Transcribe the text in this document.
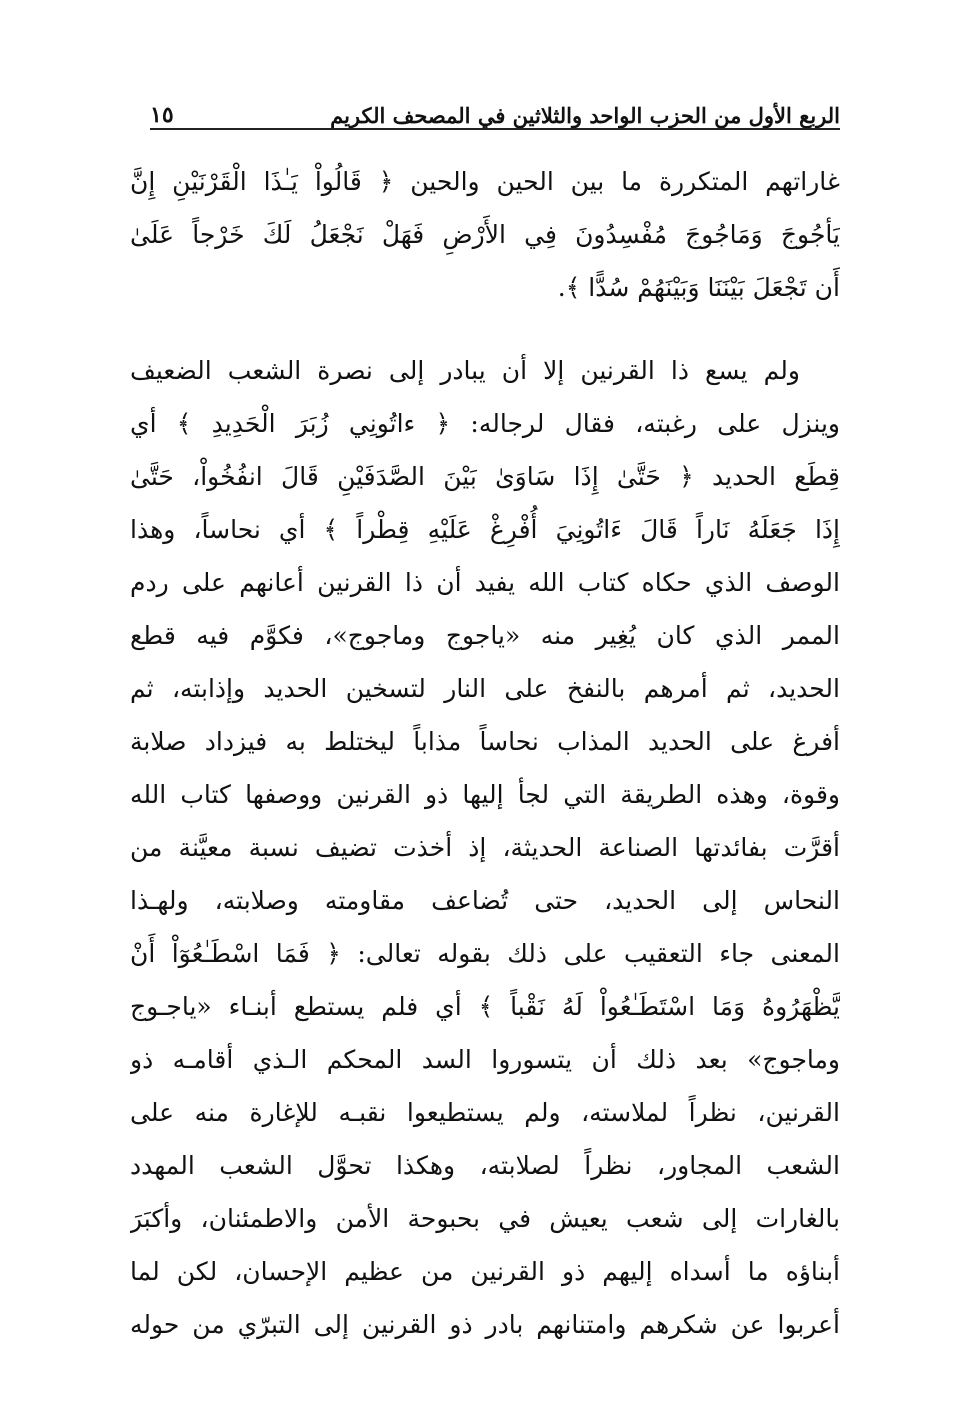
الربع الأول من الحزب الواحد والثلاثين في المصحف الكريم
١٥
غاراتهم المتكررة ما بين الحين والحين ﴿ قَالُواْ يَـٰذَا الْقَرْنَيْنِ إِنَّ
يَأجُوجَ وَمَاجُوجَ مُفْسِدُونَ فِي الأَرْضِ فَهَلْ نَجْعَلُ لَكَ خَرْجاً عَلَىٰ
أَن تَجْعَلَ بَيْنَنَا وَبَيْنَهُمْ سُدًّا ﴾.
ولم يسع ذا القرنين إلا أن يبادر إلى نصرة الشعب الضعيف
وينزل على رغبته، فقال لرجاله: ﴿ ءاتُونِي زُبَرَ الْحَدِيدِ ﴾ أي
قِطَع الحديد ﴿ حَتَّىٰ إِذَا سَاوَىٰ بَيْنَ الصَّدَفَيْنِ قَالَ انفُخُواْ، حَتَّىٰ
إِذَا جَعَلَهُ نَاراً قَالَ ءَاتُونِيَ أُفْرِغْ عَلَيْهِ قِطْراً ﴾ أي نحاساً، وهذا
الوصف الذي حكاه كتاب الله يفيد أن ذا القرنين أعانهم على ردم
الممر الذي كان يُغِير منه «ياجوج وماجوج»، فكوَّم فيه قطع
الحديد، ثم أمرهم بالنفخ على النار لتسخين الحديد وإذابته، ثم
أفرغ على الحديد المذاب نحاساً مذاباً ليختلط به فيزداد صلابة
وقوة، وهذه الطريقة التي لجأ إليها ذو القرنين ووصفها كتاب الله
أقرَّت بفائدتها الصناعة الحديثة، إذ أخذت تضيف نسبة معيَّنة من
النحاس إلى الحديد، حتى تُضاعف مقاومته وصلابته، ولهـذا
المعنى جاء التعقيب على ذلك بقوله تعالى: ﴿ فَمَا اسْطَـٰعُوٓاْ أَنْ
يَّظْهَرُوهُ وَمَا اسْتَطَـٰعُواْ لَهُ نَقْباً ﴾ أي فلم يستطع أبنـاء «ياجـوج
وماجوج» بعد ذلك أن يتسوروا السد المحكم الـذي أقامـه ذو
القرنين، نظراً لملاسته، ولم يستطيعوا نقبـه للإغارة منه على
الشعب المجاور، نظراً لصلابته، وهكذا تحوَّل الشعب المهدد
بالغارات إلى شعب يعيش في بحبوحة الأمن والاطمئنان، وأكبَرَ
أبناؤه ما أسداه إليهم ذو القرنين من عظيم الإحسان، لكن لما
أعربوا عن شكرهم وامتنانهم بادر ذو القرنين إلى التبرّي من حوله
